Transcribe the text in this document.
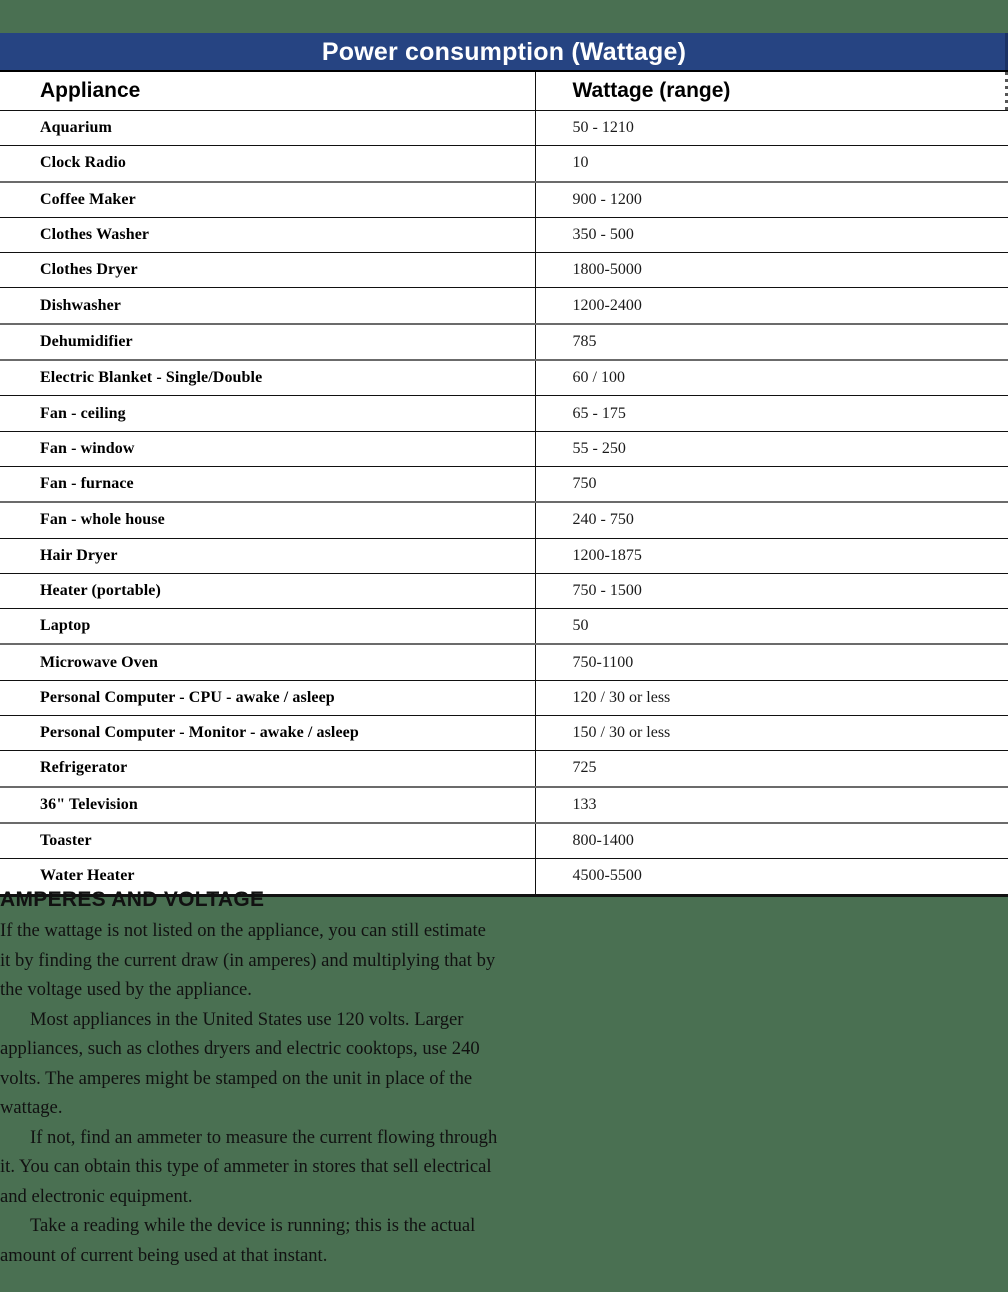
Power consumption (Wattage)
Appliance	Wattage (range)
Aquarium	50 - 1210
Clock Radio	10
Coffee Maker	900 - 1200
Clothes Washer	350 - 500
Clothes Dryer	1800-5000
Dishwasher	1200-2400
Dehumidifier	785
Electric Blanket - Single/Double	60 / 100
Fan - ceiling	65 - 175
Fan - window	55 - 250
Fan - furnace	750
Fan - whole house	240 - 750
Hair Dryer	1200-1875
Heater (portable)	750 - 1500
Laptop	50
Microwave Oven	750-1100
Personal Computer - CPU - awake / asleep	120 / 30 or less
Personal Computer - Monitor - awake / asleep	150 / 30 or less
Refrigerator	725
36" Television	133
Toaster	800-1400
Water Heater	4500-5500
AMPERES AND VOLTAGE

If the wattage is not listed on the appliance, you can still estimate it by finding the current draw (in amperes) and multiplying that by the voltage used by the appliance.

Most appliances in the United States use 120 volts. Larger appliances, such as clothes dryers and electric cooktops, use 240 volts. The amperes might be stamped on the unit in place of the wattage.

If not, find an ammeter to measure the current flowing through it. You can obtain this type of ammeter in stores that sell electrical and electronic equipment.

Take a reading while the device is running; this is the actual amount of current being used at that instant.
